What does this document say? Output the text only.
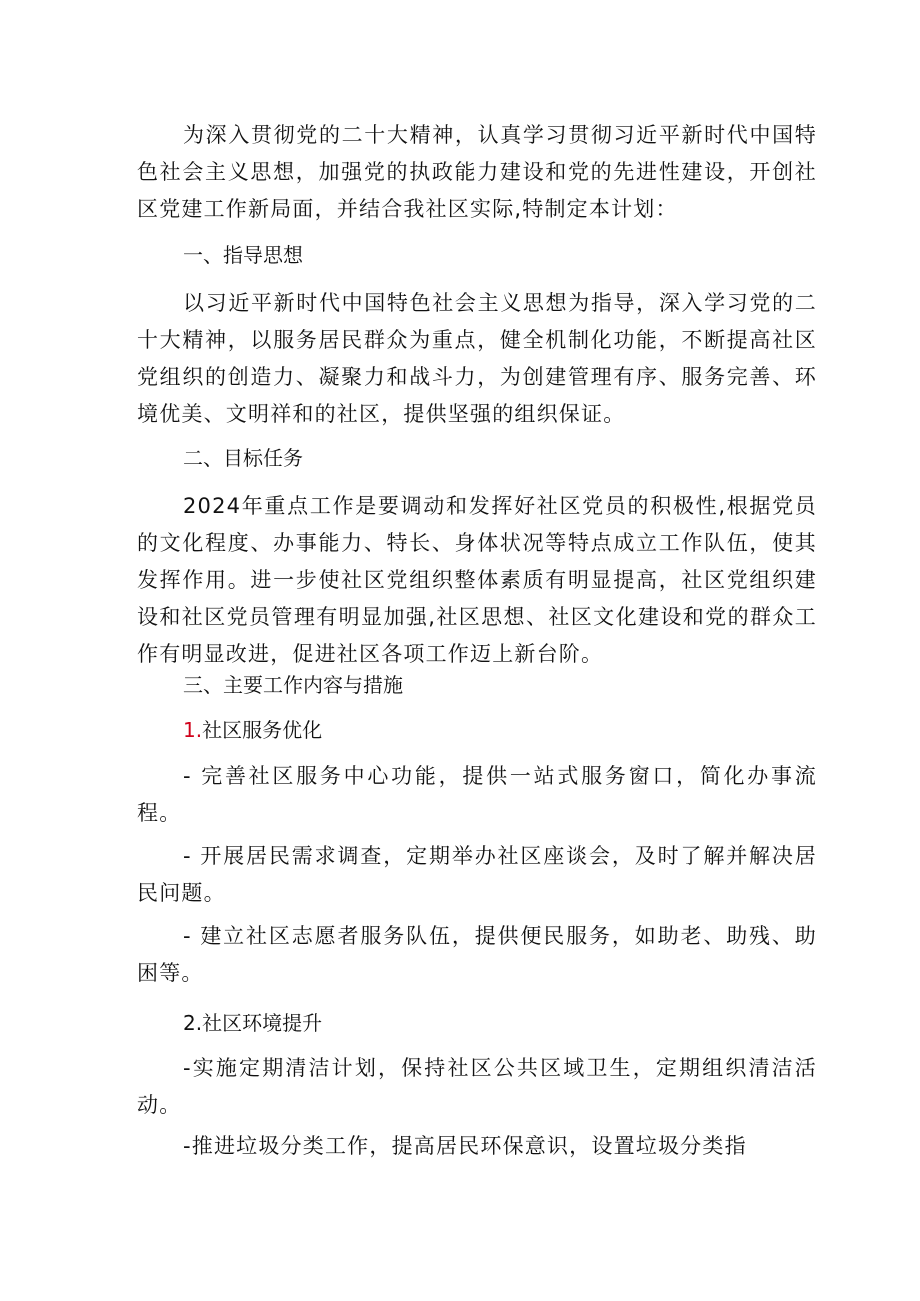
为深入贯彻党的二十大精神，认真学习贯彻习近平新时代中国特色社会主义思想，加强党的执政能力建设和党的先进性建设，开创社区党建工作新局面，并结合我社区实际,特制定本计划：

一、指导思想

以习近平新时代中国特色社会主义思想为指导，深入学习党的二十大精神，以服务居民群众为重点，健全机制化功能，不断提高社区党组织的创造力、凝聚力和战斗力，为创建管理有序、服务完善、环境优美、文明祥和的社区，提供坚强的组织保证。

二、目标任务

2024年重点工作是要调动和发挥好社区党员的积极性,根据党员的文化程度、办事能力、特长、身体状况等特点成立工作队伍，使其发挥作用。进一步使社区党组织整体素质有明显提高，社区党组织建设和社区党员管理有明显加强,社区思想、社区文化建设和党的群众工作有明显改进，促进社区各项工作迈上新台阶。

三、主要工作内容与措施
1.社区服务优化

- 完善社区服务中心功能，提供一站式服务窗口，简化办事流程。

- 开展居民需求调查，定期举办社区座谈会，及时了解并解决居民问题。

- 建立社区志愿者服务队伍，提供便民服务，如助老、助残、助困等。

2.社区环境提升

-实施定期清洁计划，保持社区公共区域卫生，定期组织清洁活动。

-推进垃圾分类工作，提高居民环保意识，设置垃圾分类指
